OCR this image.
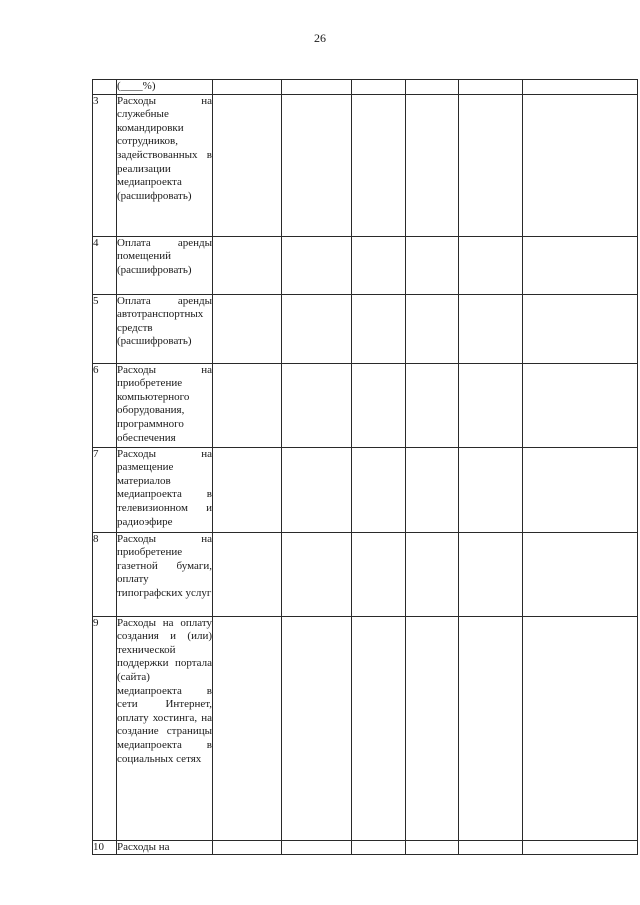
26
	(____%)						
3	Расходы на служебные командировки сотрудников, задействованных в реализации медиапроекта (расшифровать)						
4	Оплата аренды помещений (расшифровать)						
5	Оплата аренды автотранспортных средств (расшифровать)						
6	Расходы на приобретение компьютерного оборудования, программного обеспечения						
7	Расходы на размещение материалов медиапроекта в телевизионном и радиоэфире						
8	Расходы на приобретение газетной бумаги, оплату типографских услуг						
9	Расходы на оплату создания и (или) технической поддержки портала (сайта) медиапроекта в сети Интернет, оплату хостинга, на создание страницы медиапроекта в социальных сетях						
10	Расходы на						
